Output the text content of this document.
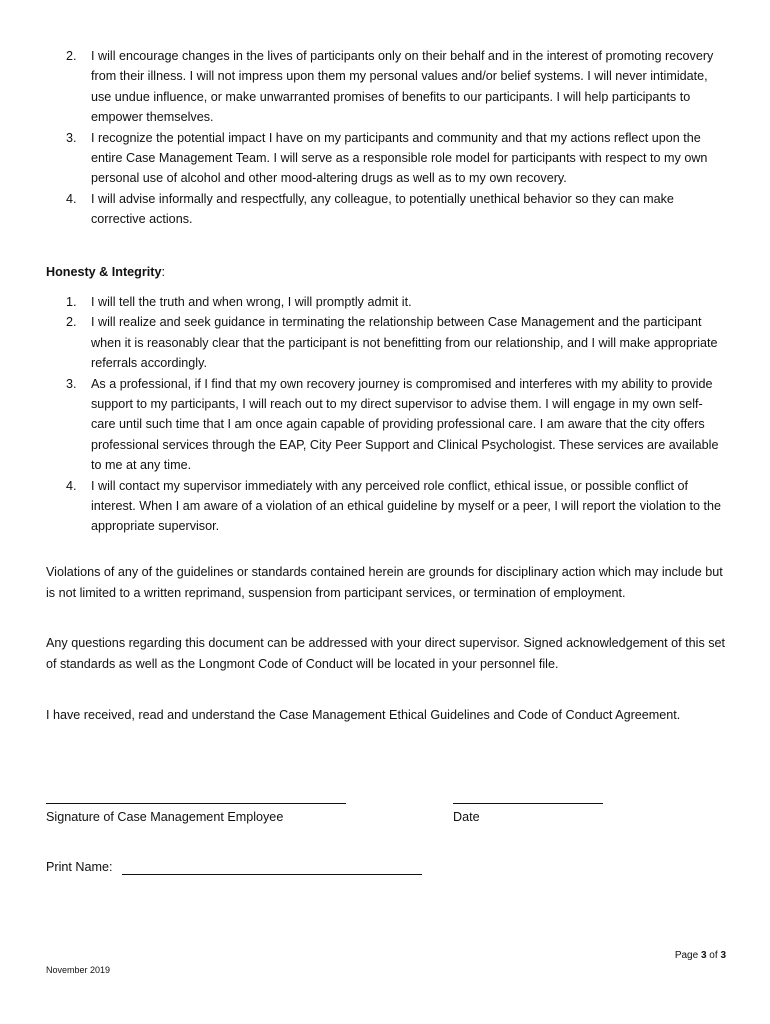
2. I will encourage changes in the lives of participants only on their behalf and in the interest of promoting recovery from their illness. I will not impress upon them my personal values and/or belief systems. I will never intimidate, use undue influence, or make unwarranted promises of benefits to our participants. I will help participants to empower themselves.
3. I recognize the potential impact I have on my participants and community and that my actions reflect upon the entire Case Management Team. I will serve as a responsible role model for participants with respect to my own personal use of alcohol and other mood-altering drugs as well as to my own recovery.
4. I will advise informally and respectfully, any colleague, to potentially unethical behavior so they can make corrective actions.
Honesty & Integrity:
1. I will tell the truth and when wrong, I will promptly admit it.
2. I will realize and seek guidance in terminating the relationship between Case Management and the participant when it is reasonably clear that the participant is not benefitting from our relationship, and I will make appropriate referrals accordingly.
3. As a professional, if I find that my own recovery journey is compromised and interferes with my ability to provide support to my participants, I will reach out to my direct supervisor to advise them. I will engage in my own self-care until such time that I am once again capable of providing professional care. I am aware that the city offers professional services through the EAP, City Peer Support and Clinical Psychologist. These services are available to me at any time.
4. I will contact my supervisor immediately with any perceived role conflict, ethical issue, or possible conflict of interest. When I am aware of a violation of an ethical guideline by myself or a peer, I will report the violation to the appropriate supervisor.

Violations of any of the guidelines or standards contained herein are grounds for disciplinary action which may include but is not limited to a written reprimand, suspension from participant services, or termination of employment.

Any questions regarding this document can be addressed with your direct supervisor. Signed acknowledgement of this set of standards as well as the Longmont Code of Conduct will be located in your personnel file.

I have received, read and understand the Case Management Ethical Guidelines and Code of Conduct Agreement.

Signature of Case Management Employee	Date
Print Name:
Page 3 of 3
November 2019
